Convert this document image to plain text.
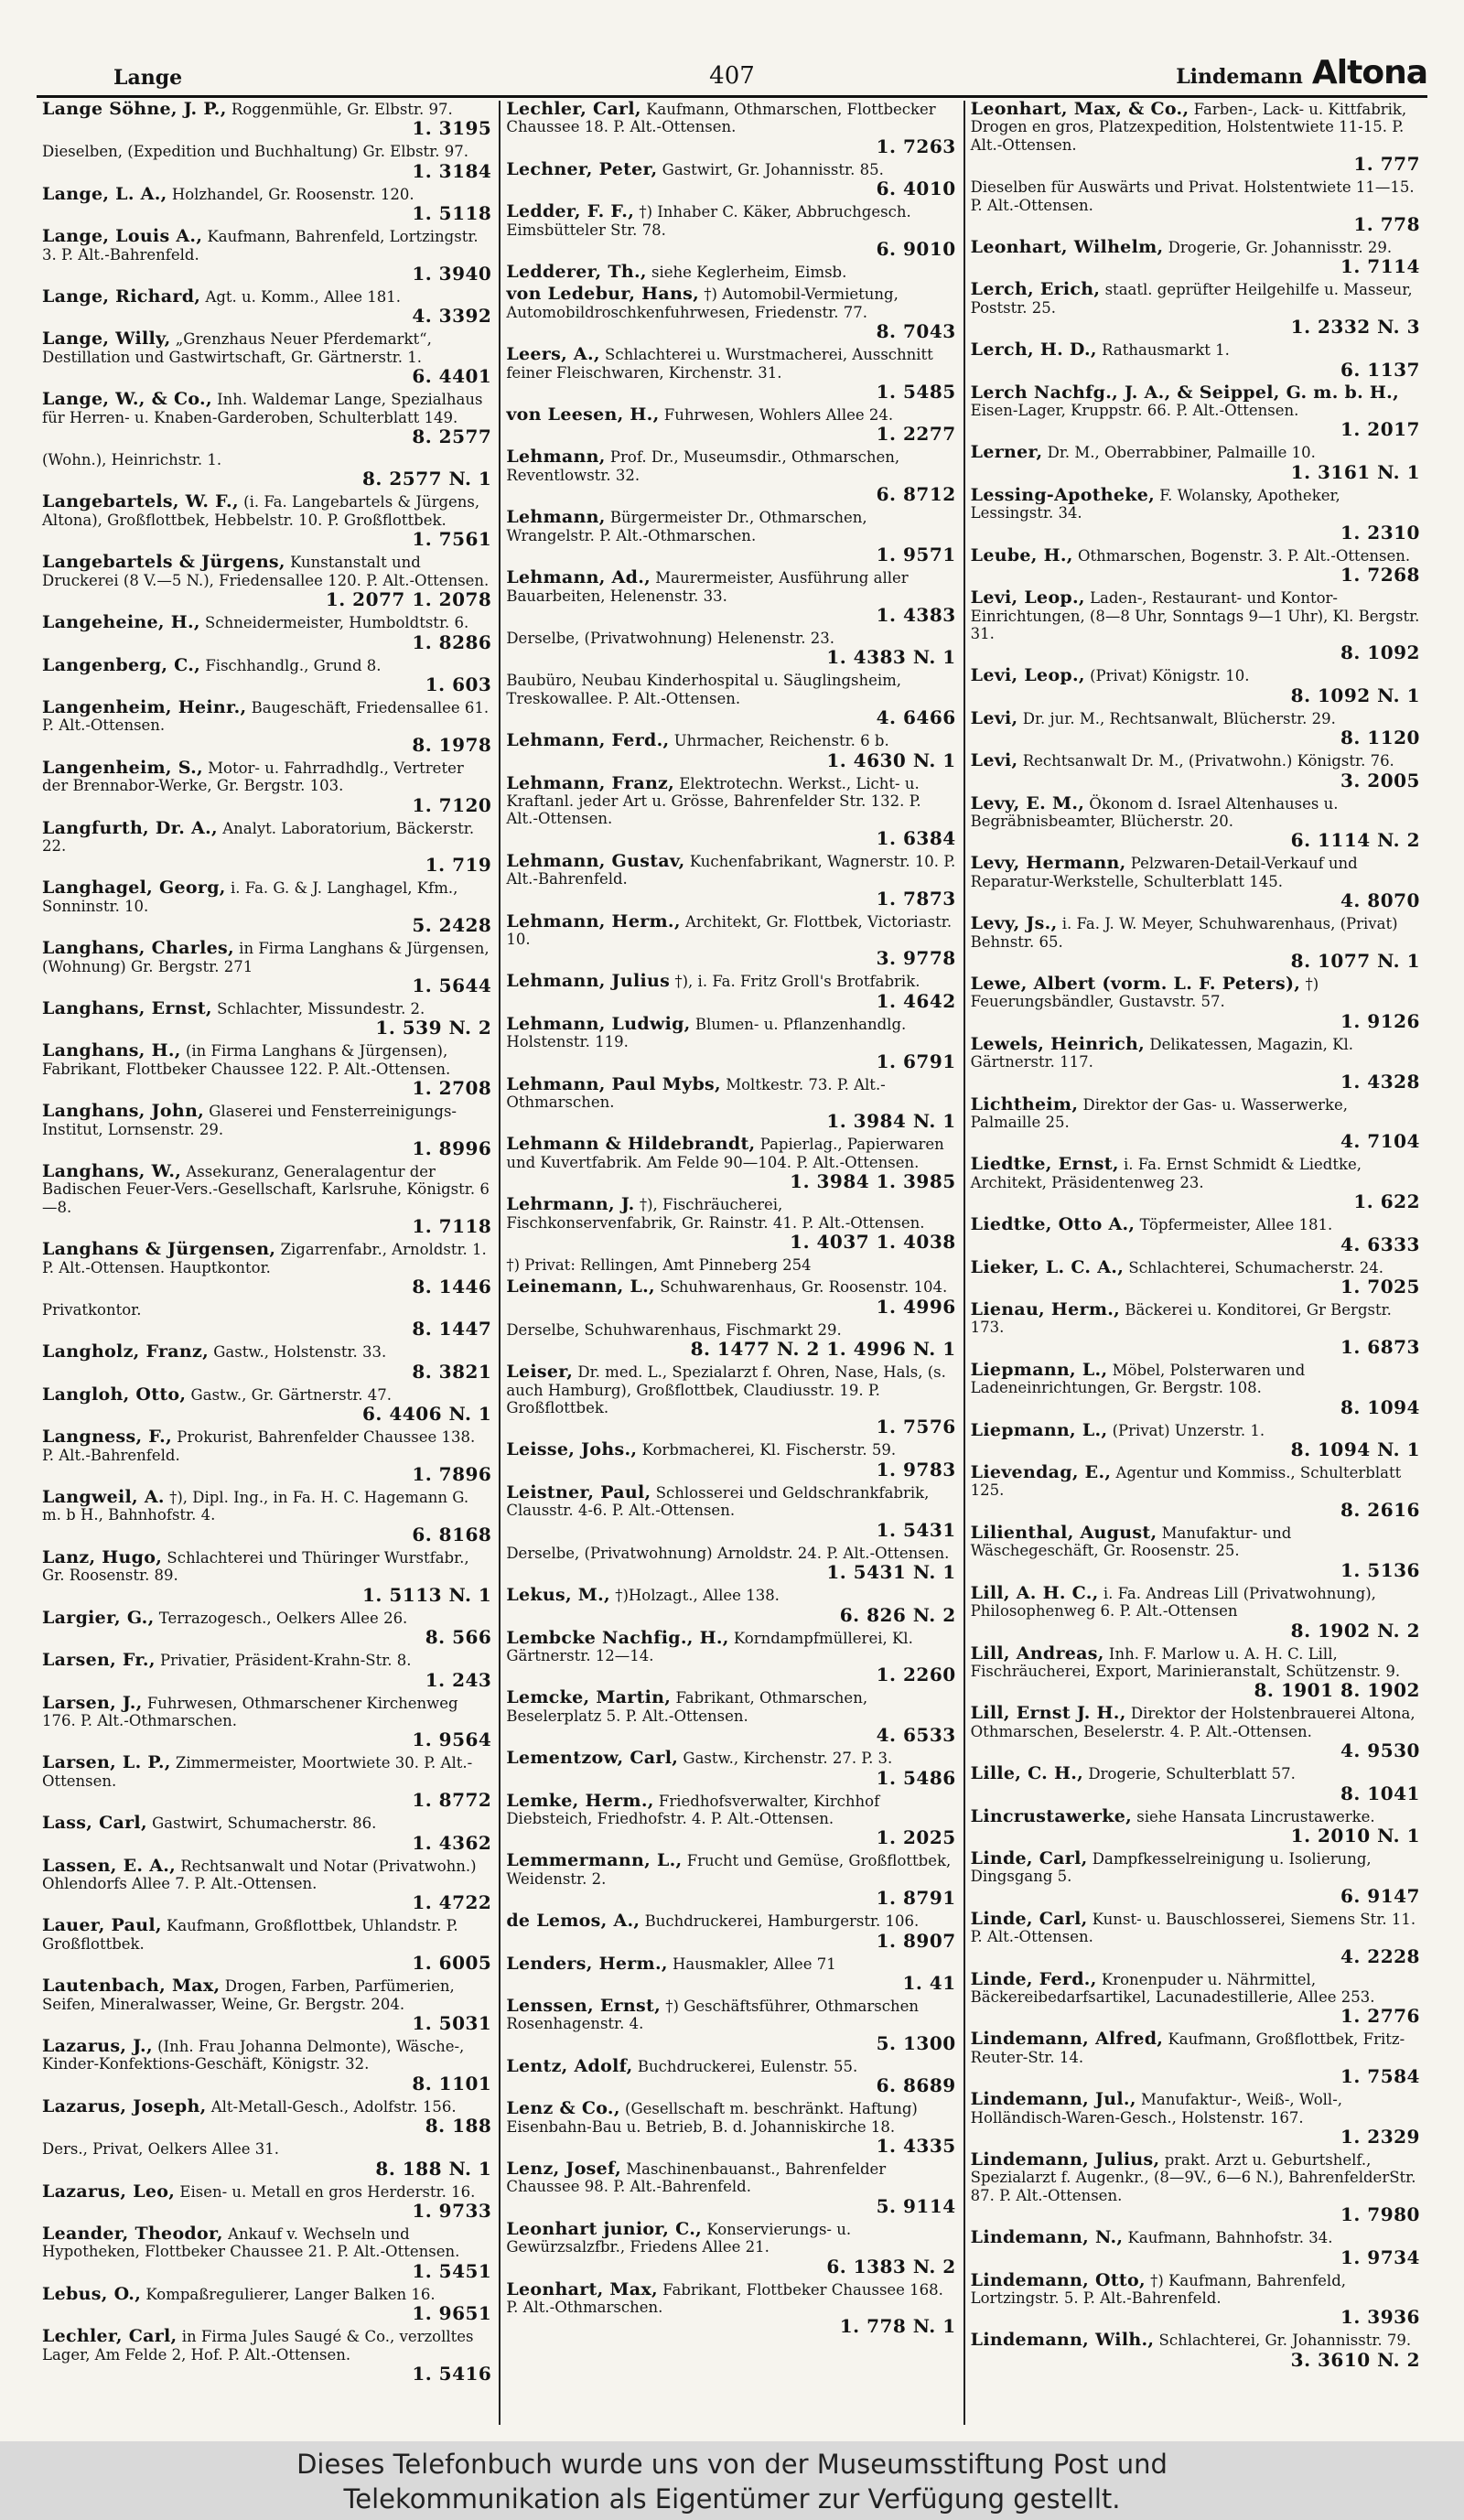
Lange	407	Lindemann Altona
Lange Söhne, J. P., Roggenmühle, Gr. Elbstr. 97.
1. 3195
Dieselben, (Expedition und Buchhaltung) Gr. Elbstr. 97.
1. 3184
Lange, L. A., Holzhandel, Gr. Roosenstr. 120.
1. 5118
Lange, Louis A., Kaufmann, Bahrenfeld, Lortzingstr. 3. P. Alt.-Bahrenfeld.
1. 3940
Lange, Richard, Agt. u. Komm., Allee 181.
4. 3392
Lange, Willy, „Grenzhaus Neuer Pferdemarkt“, Destillation und Gastwirtschaft, Gr. Gärtnerstr. 1.
6. 4401
Lange, W., & Co., Inh. Waldemar Lange, Spezialhaus für Herren- u. Knaben-Garderoben, Schulterblatt 149.
8. 2577
(Wohn.), Heinrichstr. 1.
8. 2577 N. 1
Langebartels, W. F., (i. Fa. Langebartels & Jürgens, Altona), Großflottbek, Hebbelstr. 10. P. Großflottbek.
1. 7561
Langebartels & Jürgens, Kunstanstalt und Druckerei (8 V.—5 N.), Friedensallee 120. P. Alt.-Ottensen.
1. 2077 1. 2078
Langeheine, H., Schneidermeister, Humboldtstr. 6.
1. 8286
Langenberg, C., Fischhandlg., Grund 8.
1. 603
Langenheim, Heinr., Baugeschäft, Friedensallee 61. P. Alt.-Ottensen.
8. 1978
Langenheim, S., Motor- u. Fahrradhdlg., Vertreter der Brennabor-Werke, Gr. Bergstr. 103.
1. 7120
Langfurth, Dr. A., Analyt. Laboratorium, Bäckerstr. 22.
1. 719
Langhagel, Georg, i. Fa. G. & J. Langhagel, Kfm., Sonninstr. 10.
5. 2428
Langhans, Charles, in Firma Langhans & Jürgensen, (Wohnung) Gr. Bergstr. 271
1. 5644
Langhans, Ernst, Schlachter, Missundestr. 2.
1. 539 N. 2
Langhans, H., (in Firma Langhans & Jürgensen), Fabrikant, Flottbeker Chaussee 122. P. Alt.-Ottensen.
1. 2708
Langhans, John, Glaserei und Fensterreinigungs-Institut, Lornsenstr. 29.
1. 8996
Langhans, W., Assekuranz, Generalagentur der Badischen Feuer-Vers.-Gesellschaft, Karlsruhe, Königstr. 6—8.
1. 7118
Langhans & Jürgensen, Zigarrenfabr., Arnoldstr. 1. P. Alt.-Ottensen. Hauptkontor.
8. 1446
Privatkontor.
8. 1447
Langholz, Franz, Gastw., Holstenstr. 33.
8. 3821
Langloh, Otto, Gastw., Gr. Gärtnerstr. 47.
6. 4406 N. 1
Langness, F., Prokurist, Bahrenfelder Chaussee 138. P. Alt.-Bahrenfeld.
1. 7896
Langweil, A. †), Dipl. Ing., in Fa. H. C. Hagemann G. m. b H., Bahnhofstr. 4.
6. 8168
Lanz, Hugo, Schlachterei und Thüringer Wurstfabr., Gr. Roosenstr. 89.
1. 5113 N. 1
Largier, G., Terrazogesch., Oelkers Allee 26.
8. 566
Larsen, Fr., Privatier, Präsident-Krahn-Str. 8.
1. 243
Larsen, J., Fuhrwesen, Othmarschener Kirchenweg 176. P. Alt.-Othmarschen.
1. 9564
Larsen, L. P., Zimmermeister, Moortwiete 30. P. Alt.-Ottensen.
1. 8772
Lass, Carl, Gastwirt, Schumacherstr. 86.
1. 4362
Lassen, E. A., Rechtsanwalt und Notar (Privatwohn.) Ohlendorfs Allee 7. P. Alt.-Ottensen.
1. 4722
Lauer, Paul, Kaufmann, Großflottbek, Uhlandstr. P. Großflottbek.
1. 6005
Lautenbach, Max, Drogen, Farben, Parfümerien, Seifen, Mineralwasser, Weine, Gr. Bergstr. 204.
1. 5031
Lazarus, J., (Inh. Frau Johanna Delmonte), Wäsche-, Kinder-Konfektions-Geschäft, Königstr. 32.
8. 1101
Lazarus, Joseph, Alt-Metall-Gesch., Adolfstr. 156.
8. 188
Ders., Privat, Oelkers Allee 31.
8. 188 N. 1
Lazarus, Leo, Eisen- u. Metall en gros Herderstr. 16.
1. 9733
Leander, Theodor, Ankauf v. Wechseln und Hypotheken, Flottbeker Chaussee 21. P. Alt.-Ottensen.
1. 5451
Lebus, O., Kompaßregulierer, Langer Balken 16.
1. 9651
Lechler, Carl, in Firma Jules Saugé & Co., verzolltes Lager, Am Felde 2, Hof. P. Alt.-Ottensen.
1. 5416
Lechler, Carl, Kaufmann, Othmarschen, Flottbecker Chaussee 18. P. Alt.-Ottensen.
1. 7263
Lechner, Peter, Gastwirt, Gr. Johannisstr. 85.
6. 4010
Ledder, F. F., †) Inhaber C. Käker, Abbruchgesch. Eimsbütteler Str. 78.
6. 9010
Ledderer, Th., siehe Keglerheim, Eimsb.
von Ledebur, Hans, †) Automobil-Vermietung, Automobildroschkenfuhrwesen, Friedenstr. 77.
8. 7043
Leers, A., Schlachterei u. Wurstmacherei, Ausschnitt feiner Fleischwaren, Kirchenstr. 31.
1. 5485
von Leesen, H., Fuhrwesen, Wohlers Allee 24.
1. 2277
Lehmann, Prof. Dr., Museumsdir., Othmarschen, Reventlowstr. 32.
6. 8712
Lehmann, Bürgermeister Dr., Othmarschen, Wrangelstr. P. Alt.-Othmarschen.
1. 9571
Lehmann, Ad., Maurermeister, Ausführung aller Bauarbeiten, Helenenstr. 33.
1. 4383
Derselbe, (Privatwohnung) Helenenstr. 23.
1. 4383 N. 1
Baubüro, Neubau Kinderhospital u. Säuglingsheim, Treskowallee. P. Alt.-Ottensen.
4. 6466
Lehmann, Ferd., Uhrmacher, Reichenstr. 6 b.
1. 4630 N. 1
Lehmann, Franz, Elektrotechn. Werkst., Licht- u. Kraftanl. jeder Art u. Grösse, Bahrenfelder Str. 132. P. Alt.-Ottensen.
1. 6384
Lehmann, Gustav, Kuchenfabrikant, Wagnerstr. 10. P. Alt.-Bahrenfeld.
1. 7873
Lehmann, Herm., Architekt, Gr. Flottbek, Victoriastr. 10.
3. 9778
Lehmann, Julius †), i. Fa. Fritz Groll's Brotfabrik.
1. 4642
Lehmann, Ludwig, Blumen- u. Pflanzenhandlg. Holstenstr. 119.
1. 6791
Lehmann, Paul Mybs, Moltkestr. 73. P. Alt.-Othmarschen.
1. 3984 N. 1
Lehmann & Hildebrandt, Papierlag., Papierwaren und Kuvertfabrik. Am Felde 90—104. P. Alt.-Ottensen.
1. 3984 1. 3985
Lehrmann, J. †), Fischräucherei, Fischkonservenfabrik, Gr. Rainstr. 41. P. Alt.-Ottensen.
1. 4037 1. 4038
†) Privat: Rellingen, Amt Pinneberg 254
Leinemann, L., Schuhwarenhaus, Gr. Roosenstr. 104.
1. 4996
Derselbe, Schuhwarenhaus, Fischmarkt 29.
8. 1477 N. 2 1. 4996 N. 1
Leiser, Dr. med. L., Spezialarzt f. Ohren, Nase, Hals, (s. auch Hamburg), Großflottbek, Claudiusstr. 19. P. Großflottbek.
1. 7576
Leisse, Johs., Korbmacherei, Kl. Fischerstr. 59.
1. 9783
Leistner, Paul, Schlosserei und Geldschrankfabrik, Clausstr. 4-6. P. Alt.-Ottensen.
1. 5431
Derselbe, (Privatwohnung) Arnoldstr. 24. P. Alt.-Ottensen.
1. 5431 N. 1
Lekus, M., †)Holzagt., Allee 138.
6. 826 N. 2
Lembcke Nachfig., H., Korndampfmüllerei, Kl. Gärtnerstr. 12—14.
1. 2260
Lemcke, Martin, Fabrikant, Othmarschen, Beselerplatz 5. P. Alt.-Ottensen.
4. 6533
Lementzow, Carl, Gastw., Kirchenstr. 27. P. 3.
1. 5486
Lemke, Herm., Friedhofsverwalter, Kirchhof Diebsteich, Friedhofstr. 4. P. Alt.-Ottensen.
1. 2025
Lemmermann, L., Frucht und Gemüse, Großflottbek, Weidenstr. 2.
1. 8791
de Lemos, A., Buchdruckerei, Hamburgerstr. 106.
1. 8907
Lenders, Herm., Hausmakler, Allee 71
1. 41
Lenssen, Ernst, †) Geschäftsführer, Othmarschen Rosenhagenstr. 4.
5. 1300
Lentz, Adolf, Buchdruckerei, Eulenstr. 55.
6. 8689
Lenz & Co., (Gesellschaft m. beschränkt. Haftung) Eisenbahn-Bau u. Betrieb, B. d. Johanniskirche 18.
1. 4335
Lenz, Josef, Maschinenbauanst., Bahrenfelder Chaussee 98. P. Alt.-Bahrenfeld.
5. 9114
Leonhart junior, C., Konservierungs- u. Gewürzsalzfbr., Friedens Allee 21.
6. 1383 N. 2
Leonhart, Max, Fabrikant, Flottbeker Chaussee 168. P. Alt.-Othmarschen.
1. 778 N. 1
Leonhart, Max, & Co., Farben-, Lack- u. Kittfabrik, Drogen en gros, Platzexpedition, Holstentwiete 11-15. P. Alt.-Ottensen.
1. 777
Dieselben für Auswärts und Privat. Holstentwiete 11—15. P. Alt.-Ottensen.
1. 778
Leonhart, Wilhelm, Drogerie, Gr. Johannisstr. 29.
1. 7114
Lerch, Erich, staatl. geprüfter Heilgehilfe u. Masseur, Poststr. 25.
1. 2332 N. 3
Lerch, H. D., Rathausmarkt 1.
6. 1137
Lerch Nachfg., J. A., & Seippel, G. m. b. H., Eisen-Lager, Kruppstr. 66. P. Alt.-Ottensen.
1. 2017
Lerner, Dr. M., Oberrabbiner, Palmaille 10.
1. 3161 N. 1
Lessing-Apotheke, F. Wolansky, Apotheker, Lessingstr. 34.
1. 2310
Leube, H., Othmarschen, Bogenstr. 3. P. Alt.-Ottensen.
1. 7268
Levi, Leop., Laden-, Restaurant- und Kontor-Einrichtungen, (8—8 Uhr, Sonntags 9—1 Uhr), Kl. Bergstr. 31.
8. 1092
Levi, Leop., (Privat) Königstr. 10.
8. 1092 N. 1
Levi, Dr. jur. M., Rechtsanwalt, Blücherstr. 29.
8. 1120
Levi, Rechtsanwalt Dr. M., (Privatwohn.) Königstr. 76.
3. 2005
Levy, E. M., Ökonom d. Israel Altenhauses u. Begräbnisbeamter, Blücherstr. 20.
6. 1114 N. 2
Levy, Hermann, Pelzwaren-Detail-Verkauf und Reparatur-Werkstelle, Schulterblatt 145.
4. 8070
Levy, Js., i. Fa. J. W. Meyer, Schuhwarenhaus, (Privat) Behnstr. 65.
8. 1077 N. 1
Lewe, Albert (vorm. L. F. Peters), †) Feuerungsbändler, Gustavstr. 57.
1. 9126
Lewels, Heinrich, Delikatessen, Magazin, Kl. Gärtnerstr. 117.
1. 4328
Lichtheim, Direktor der Gas- u. Wasserwerke, Palmaille 25.
4. 7104
Liedtke, Ernst, i. Fa. Ernst Schmidt & Liedtke, Architekt, Präsidentenweg 23.
1. 622
Liedtke, Otto A., Töpfermeister, Allee 181.
4. 6333
Lieker, L. C. A., Schlachterei, Schumacherstr. 24.
1. 7025
Lienau, Herm., Bäckerei u. Konditorei, Gr Bergstr. 173.
1. 6873
Liepmann, L., Möbel, Polsterwaren und Ladeneinrichtungen, Gr. Bergstr. 108.
8. 1094
Liepmann, L., (Privat) Unzerstr. 1.
8. 1094 N. 1
Lievendag, E., Agentur und Kommiss., Schulterblatt 125.
8. 2616
Lilienthal, August, Manufaktur- und Wäschegeschäft, Gr. Roosenstr. 25.
1. 5136
Lill, A. H. C., i. Fa. Andreas Lill (Privatwohnung), Philosophenweg 6. P. Alt.-Ottensen
8. 1902 N. 2
Lill, Andreas, Inh. F. Marlow u. A. H. C. Lill, Fischräucherei, Export, Marinieranstalt, Schützenstr. 9.
8. 1901 8. 1902
Lill, Ernst J. H., Direktor der Holstenbrauerei Altona, Othmarschen, Beselerstr. 4. P. Alt.-Ottensen.
4. 9530
Lille, C. H., Drogerie, Schulterblatt 57.
8. 1041
Lincrustawerke, siehe Hansata Lincrustawerke.
1. 2010 N. 1
Linde, Carl, Dampfkesselreinigung u. Isolierung, Dingsgang 5.
6. 9147
Linde, Carl, Kunst- u. Bauschlosserei, Siemens Str. 11. P. Alt.-Ottensen.
4. 2228
Linde, Ferd., Kronenpuder u. Nährmittel, Bäckereibedarfsartikel, Lacunadestillerie, Allee 253.
1. 2776
Lindemann, Alfred, Kaufmann, Großflottbek, Fritz-Reuter-Str. 14.
1. 7584
Lindemann, Jul., Manufaktur-, Weiß-, Woll-, Holländisch-Waren-Gesch., Holstenstr. 167.
1. 2329
Lindemann, Julius, prakt. Arzt u. Geburtshelf., Spezialarzt f. Augenkr., (8—9V., 6—6 N.), BahrenfelderStr. 87. P. Alt.-Ottensen.
1. 7980
Lindemann, N., Kaufmann, Bahnhofstr. 34.
1. 9734
Lindemann, Otto, †) Kaufmann, Bahrenfeld, Lortzingstr. 5. P. Alt.-Bahrenfeld.
1. 3936
Lindemann, Wilh., Schlachterei, Gr. Johannisstr. 79.
3. 3610 N. 2
Dieses Telefonbuch wurde uns von der Museumsstiftung Post und
Telekommunikation als Eigentümer zur Verfügung gestellt.
